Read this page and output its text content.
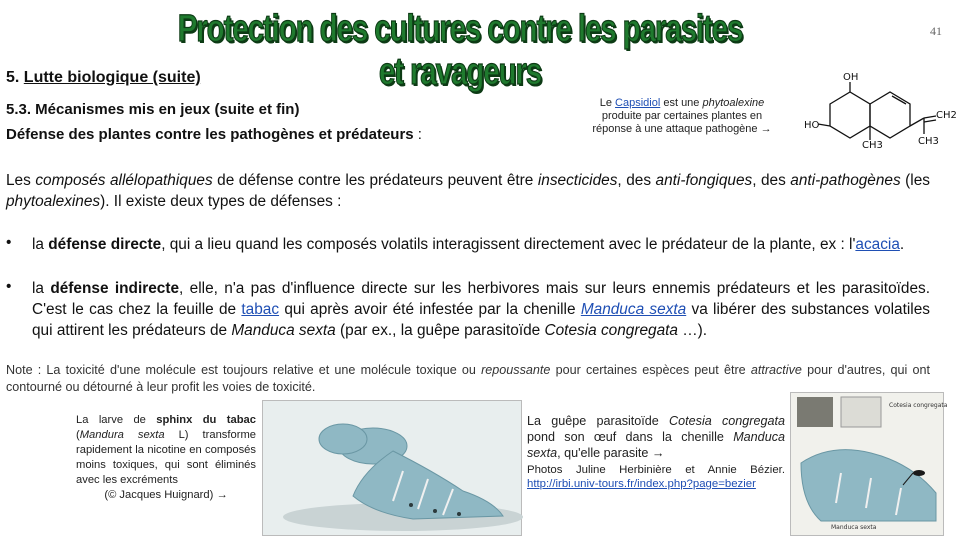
Protection des cultures contre les parasites et ravageurs
41
5. Lutte biologique (suite)
5.3. Mécanismes mis en jeux (suite et fin)
Défense des plantes contre les pathogènes et prédateurs :
Le Capsidiol est une phytoalexine produite par certaines plantes en réponse à une attaque pathogène →
OH
HO
CH2
CH3	CH3
Les composés allélopathiques de défense contre les prédateurs peuvent être insecticides, des anti-fongiques, des anti-pathogènes (les phytoalexines). Il existe deux types de défenses :
• la défense directe, qui a lieu quand les composés volatils interagissent directement avec le prédateur de la plante, ex : l'acacia.
• la défense indirecte, elle, n'a pas d'influence directe sur les herbivores mais sur leurs ennemis prédateurs et les parasitoïdes. C'est le cas chez la feuille de tabac qui après avoir été infestée par la chenille Manduca sexta va libérer des substances volatiles qui attirent les prédateurs de Manduca sexta (par ex., la guêpe parasitoïde Cotesia congregata …).
Note : La toxicité d'une molécule est toujours relative et une molécule toxique ou repoussante pour certaines espèces peut être attractive pour d'autres, qui ont contourné ou détourné à leur profit les voies de toxicité.
La larve de sphinx du tabac (Mandura sexta L) transforme rapidement la nicotine en composés moins toxiques, qui sont éliminés avec les excréments
(© Jacques Huignard) →
La guêpe parasitoïde Cotesia congregata pond son œuf dans la chenille Manduca sexta, qu'elle parasite →
Photos Juline Herbinière et Annie Bézier. http://irbi.univ-tours.fr/index.php?page=bezier
Cotesia congregata
Manduca sexta
